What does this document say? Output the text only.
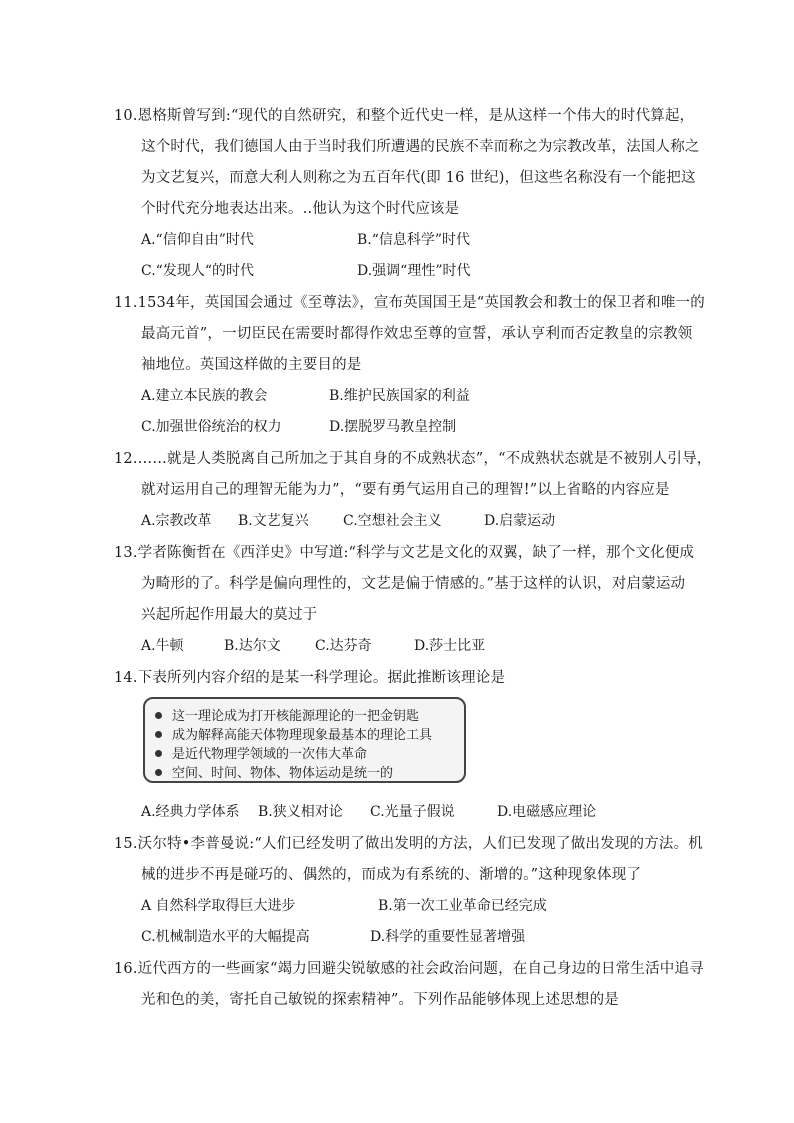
10.恩格斯曾写到:“现代的自然研究，和整个近代史一样，是从这样一个伟大的时代算起，
这个时代，我们德国人由于当时我们所遭遇的民族不幸而称之为宗教改革，法国人称之
为文艺复兴，而意大利人则称之为五百年代(即 16 世纪)，但这些名称没有一个能把这
个时代充分地表达出来。..他认为这个时代应该是
A.“信仰自由”时代	B.“信息科学”时代
C.“发现人“的时代	D.强调“理性”时代
11.1534年，英国国会通过《至尊法》，宣布英国国王是“英国教会和教士的保卫者和唯一的
最高元首”，一切臣民在需要时都得作效忠至尊的宣誓，承认亨利而否定教皇的宗教领
袖地位。英国这样做的主要目的是
A.建立本民族的教会	B.维护民族国家的利益
C.加强世俗统治的权力	D.摆脱罗马教皇控制
12.……就是人类脱离自己所加之于其自身的不成熟状态”，“不成熟状态就是不被别人引导，
就对运用自己的理智无能为力”，“要有勇气运用自己的理智!”以上省略的内容应是
A.宗教改革 B.文艺复兴 C.空想社会主义	D.启蒙运动
13.学者陈衡哲在《西洋史》中写道:“科学与文艺是文化的双翼，缺了一样，那个文化便成
为畸形的了。科学是偏向理性的，文艺是偏于情感的。”基于这样的认识，对启蒙运动
兴起所起作用最大的莫过于
A.牛顿	B.达尔文 C.达芬奇	D.莎士比亚
14.下表所列内容介绍的是某一科学理论。据此推断该理论是
这一理论成为打开核能源理论的一把金钥匙
成为解释高能天体物理现象最基本的理论工具
是近代物理学领域的一次伟大革命
空间、时间、物体、物体运动是统一的
A.经典力学体系 B.狭义相对论 C.光量子假说	D.电磁感应理论
15.沃尔特•李普曼说:“人们已经发明了做出发明的方法，人们已发现了做出发现的方法。机
械的进步不再是碰巧的、偶然的，而成为有系统的、渐增的。”这种现象体现了
A 自然科学取得巨大进步	B.第一次工业革命已经完成
C.机械制造水平的大幅提高	D.科学的重要性显著增强
16.近代西方的一些画家“竭力回避尖锐敏感的社会政治问题，在自己身边的日常生活中追寻
光和色的美，寄托自己敏锐的探索精神”。下列作品能够体现上述思想的是
